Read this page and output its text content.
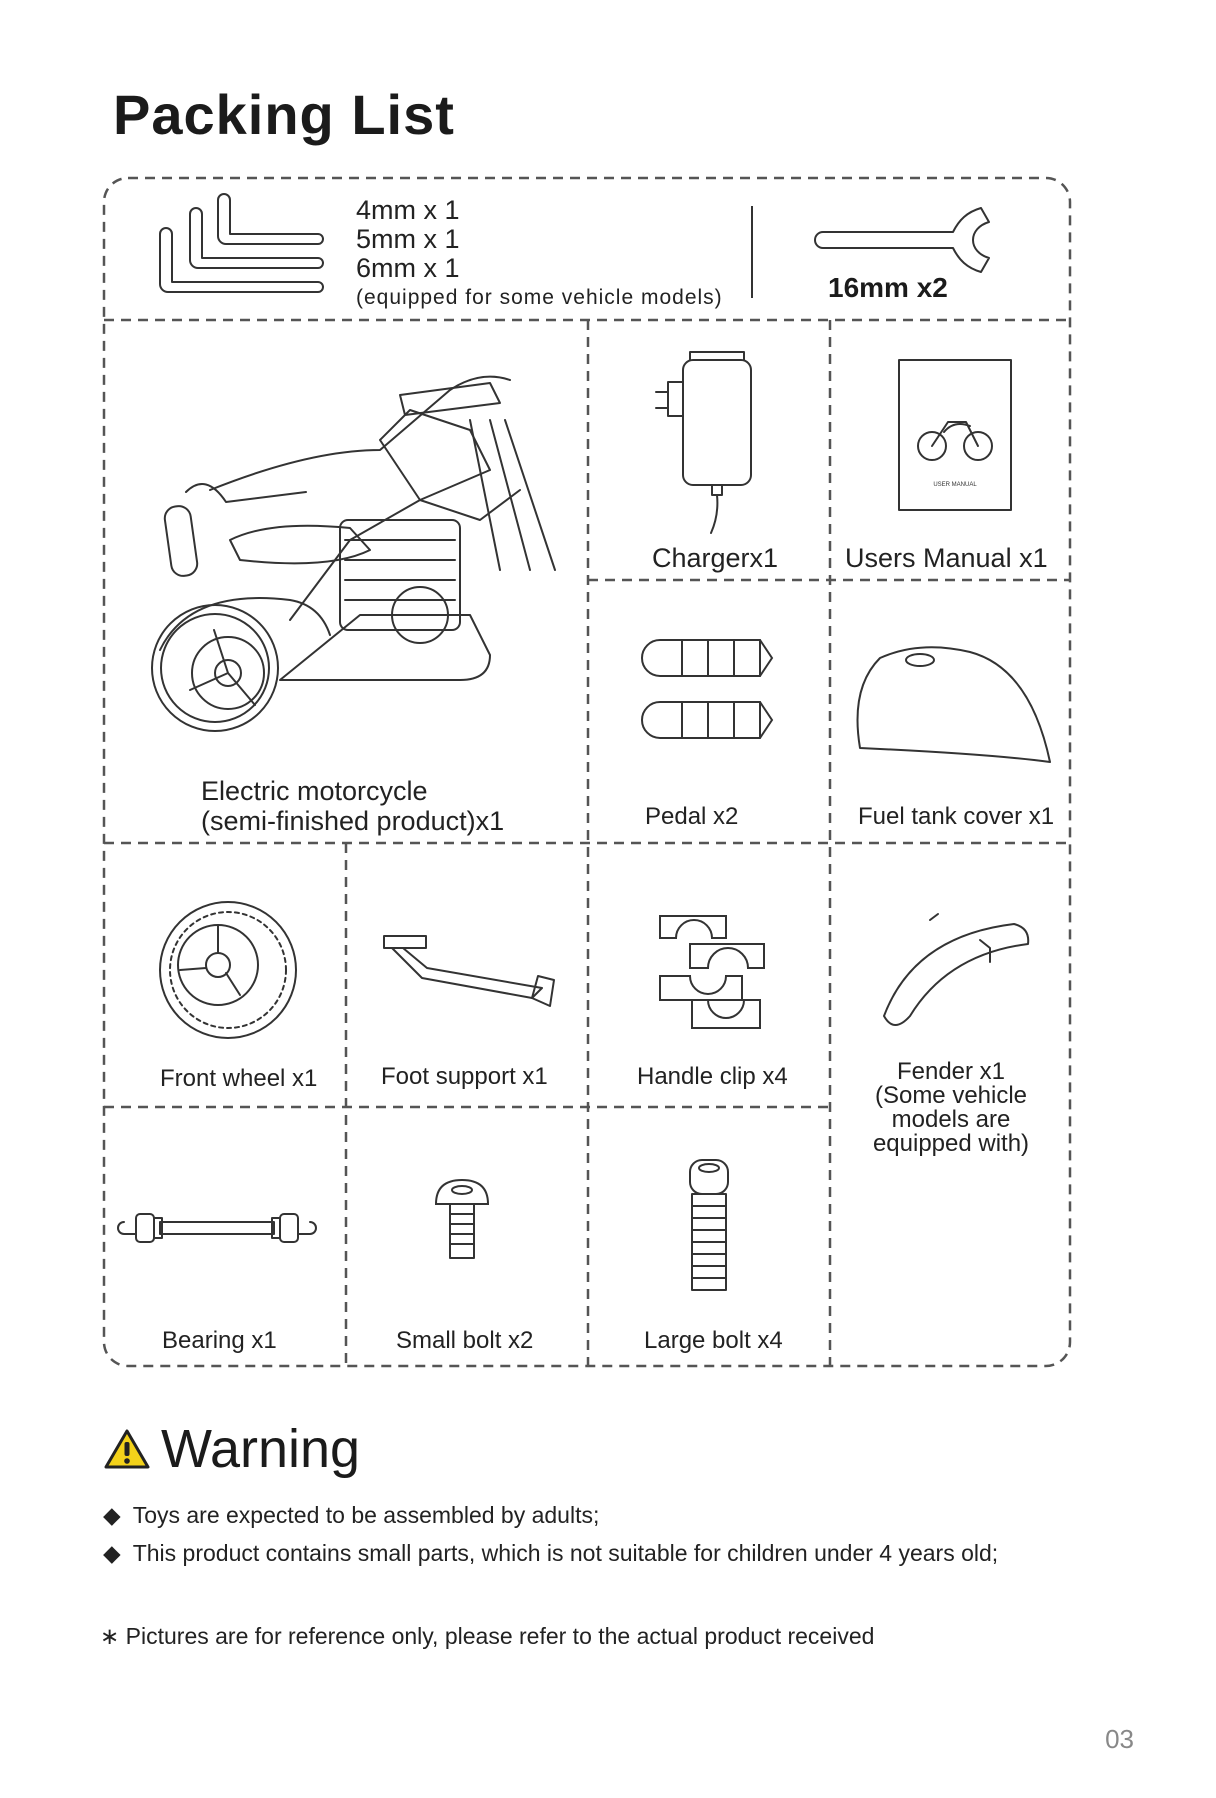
Packing List
USER MANUAL
4mm x 1
5mm x 1
6mm x 1
(equipped for some vehicle models)	16mm x2
Electric motorcycle
(semi-finished product)x1
Chargerx1 Users Manual x1
Pedal x2	Fuel tank cover x1
Front wheel x1	Foot support x1	Handle clip x4	Fender x1
(Some vehicle
models are
equipped with)
Bearing x1	Small bolt x2	Large bolt x4
Warning
◆ Toys are expected to be assembled by adults;
◆ This product contains small parts, which is not suitable for children under 4 years old;
∗ Pictures are for reference only, please refer to the actual product received
03
